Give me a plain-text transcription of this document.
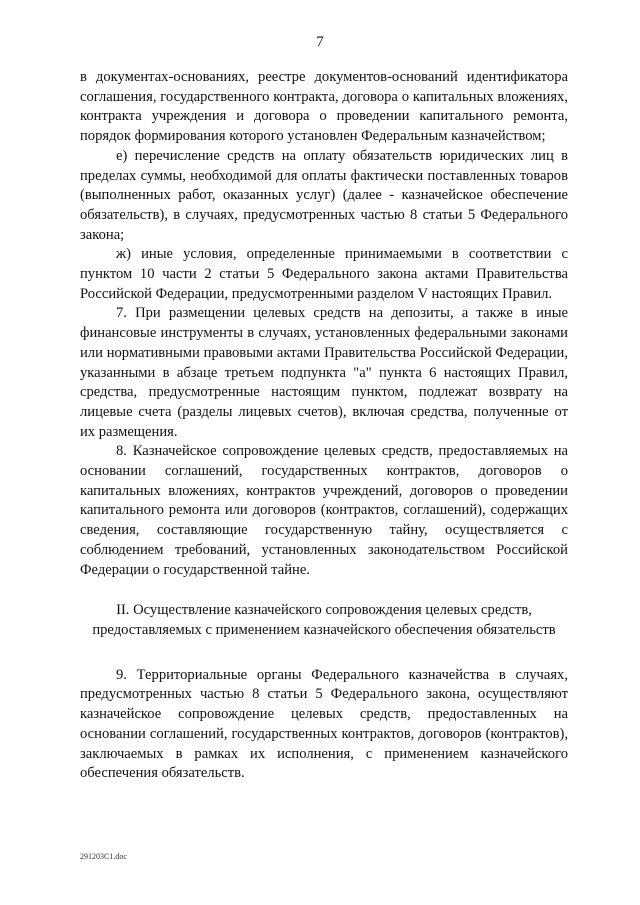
7

в документах-основаниях, реестре документов-оснований идентификатора соглашения, государственного контракта, договора о капитальных вложениях, контракта учреждения и договора о проведении капитального ремонта, порядок формирования которого установлен Федеральным казначейством;

е) перечисление средств на оплату обязательств юридических лиц в пределах суммы, необходимой для оплаты фактически поставленных товаров (выполненных работ, оказанных услуг) (далее - казначейское обеспечение обязательств), в случаях, предусмотренных частью 8 статьи 5 Федерального закона;

ж) иные условия, определенные принимаемыми в соответствии с пунктом 10 части 2 статьи 5 Федерального закона актами Правительства Российской Федерации, предусмотренными разделом V настоящих Правил.

7. При размещении целевых средств на депозиты, а также в иные финансовые инструменты в случаях, установленных федеральными законами или нормативными правовыми актами Правительства Российской Федерации, указанными в абзаце третьем подпункта "а" пункта 6 настоящих Правил, средства, предусмотренные настоящим пунктом, подлежат возврату на лицевые счета (разделы лицевых счетов), включая средства, полученные от их размещения.

8. Казначейское сопровождение целевых средств, предоставляемых на основании соглашений, государственных контрактов, договоров о капитальных вложениях, контрактов учреждений, договоров о проведении капитального ремонта или договоров (контрактов, соглашений), содержащих сведения, составляющие государственную тайну, осуществляется с соблюдением требований, установленных законодательством Российской Федерации о государственной тайне.

II. Осуществление казначейского сопровождения целевых средств,
предоставляемых с применением казначейского обеспечения обязательств

9. Территориальные органы Федерального казначейства в случаях, предусмотренных частью 8 статьи 5 Федерального закона, осуществляют казначейское сопровождение целевых средств, предоставленных на основании соглашений, государственных контрактов, договоров (контрактов), заключаемых в рамках их исполнения, с применением казначейского обеспечения обязательств.

291203C1.doc
